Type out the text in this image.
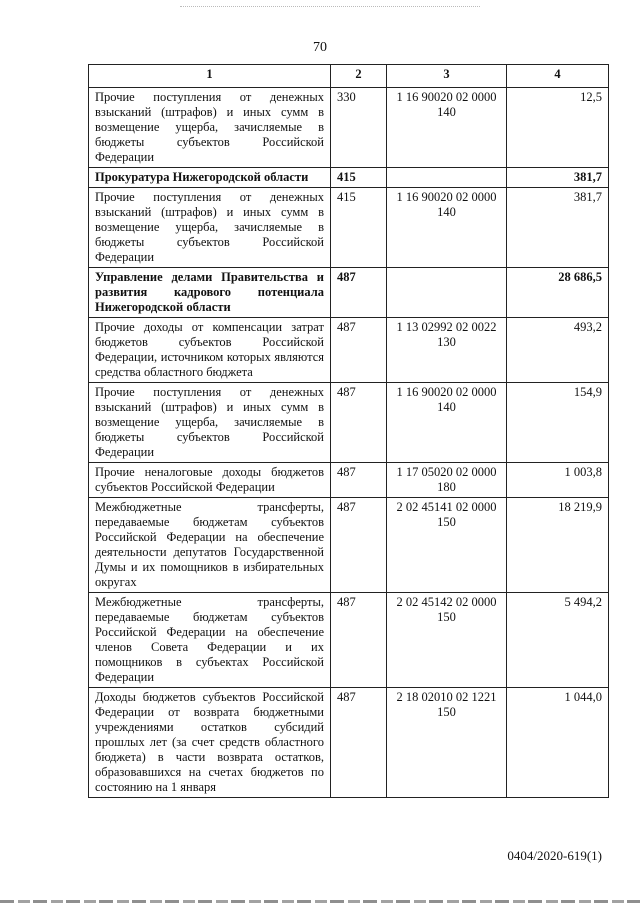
70
1	2	3	4
Прочие поступления от денежных взысканий (штрафов) и иных сумм в возмещение ущерба, зачисляемые в бюджеты субъектов Российской Федерации	330	1 16 90020 02 0000 140	12,5
Прокуратура Нижегородской области	415		381,7
Прочие поступления от денежных взысканий (штрафов) и иных сумм в возмещение ущерба, зачисляемые в бюджеты субъектов Российской Федерации	415	1 16 90020 02 0000 140	381,7
Управление делами Правительства и развития кадрового потенциала Нижегородской области	487		28 686,5
Прочие доходы от компенсации затрат бюджетов субъектов Российской Федерации, источником которых являются средства областного бюджета	487	1 13 02992 02 0022 130	493,2
Прочие поступления от денежных взысканий (штрафов) и иных сумм в возмещение ущерба, зачисляемые в бюджеты субъектов Российской Федерации	487	1 16 90020 02 0000 140	154,9
Прочие неналоговые доходы бюджетов субъектов Российской Федерации	487	1 17 05020 02 0000 180	1 003,8
Межбюджетные трансферты, передаваемые бюджетам субъектов Российской Федерации на обеспечение деятельности депутатов Государственной Думы и их помощников в избирательных округах	487	2 02 45141 02 0000 150	18 219,9
Межбюджетные трансферты, передаваемые бюджетам субъектов Российской Федерации на обеспечение членов Совета Федерации и их помощников в субъектах Российской Федерации	487	2 02 45142 02 0000 150	5 494,2
Доходы бюджетов субъектов Российской Федерации от возврата бюджетными учреждениями остатков субсидий прошлых лет (за счет средств областного бюджета) в части возврата остатков, образовавшихся на счетах бюджетов по состоянию на 1 января	487	2 18 02010 02 1221 150	1 044,0
0404/2020-619(1)
